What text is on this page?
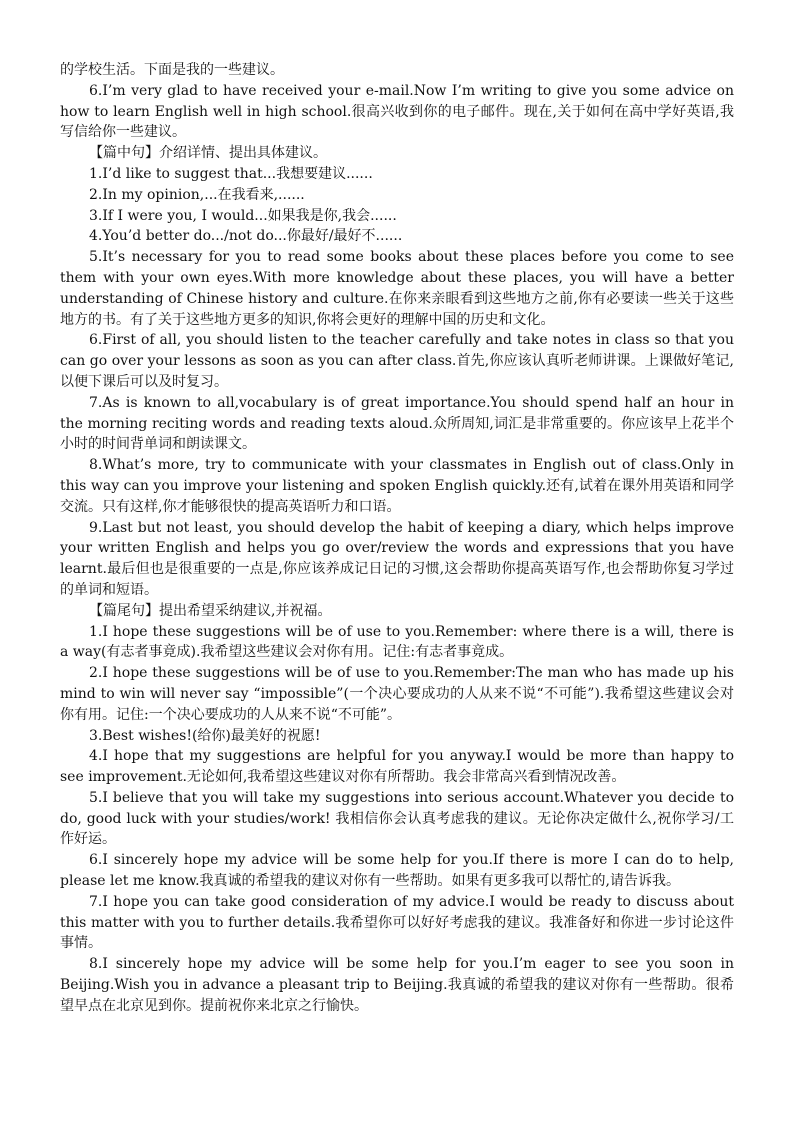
的学校生活。下面是我的一些建议。

6.I’m very glad to have received your e-mail.Now I’m writing to give you some advice on how to learn English well in high school.很高兴收到你的电子邮件。现在,关于如何在高中学好英语,我写信给你一些建议。

【篇中句】介绍详情、提出具体建议。

1.I’d like to suggest that...我想要建议......

2.In my opinion,...在我看来,......

3.If I were you, I would...如果我是你,我会......

4.You’d better do.../not do...你最好/最好不......

5.It’s necessary for you to read some books about these places before you come to see them with your own eyes.With more knowledge about these places, you will have a better understanding of Chinese history and culture.在你来亲眼看到这些地方之前,你有必要读一些关于这些地方的书。有了关于这些地方更多的知识,你将会更好的理解中国的历史和文化。

6.First of all, you should listen to the teacher carefully and take notes in class so that you can go over your lessons as soon as you can after class.首先,你应该认真听老师讲课。上课做好笔记,以便下课后可以及时复习。

7.As is known to all,vocabulary is of great importance.You should spend half an hour in the morning reciting words and reading texts aloud.众所周知,词汇是非常重要的。你应该早上花半个小时的时间背单词和朗读课文。

8.What’s more, try to communicate with your classmates in English out of class.Only in this way can you improve your listening and spoken English quickly.还有,试着在课外用英语和同学交流。只有这样,你才能够很快的提高英语听力和口语。

9.Last but not least, you should develop the habit of keeping a diary, which helps improve your written English and helps you go over/review the words and expressions that you have learnt.最后但也是很重要的一点是,你应该养成记日记的习惯,这会帮助你提高英语写作,也会帮助你复习学过的单词和短语。

【篇尾句】提出希望采纳建议,并祝福。

1.I hope these suggestions will be of use to you.Remember: where there is a will, there is a way(有志者事竟成).我希望这些建议会对你有用。记住:有志者事竟成。

2.I hope these suggestions will be of use to you.Remember:The man who has made up his mind to win will never say “impossible”(一个决心要成功的人从来不说“不可能”).我希望这些建议会对你有用。记住:一个决心要成功的人从来不说“不可能”。

3.Best wishes!(给你)最美好的祝愿!

4.I hope that my suggestions are helpful for you anyway.I would be more than happy to see improvement.无论如何,我希望这些建议对你有所帮助。我会非常高兴看到情况改善。

5.I believe that you will take my suggestions into serious account.Whatever you decide to do, good luck with your studies/work! 我相信你会认真考虑我的建议。无论你决定做什么,祝你学习/工作好运。

6.I sincerely hope my advice will be some help for you.If there is more I can do to help, please let me know.我真诚的希望我的建议对你有一些帮助。如果有更多我可以帮忙的,请告诉我。

7.I hope you can take good consideration of my advice.I would be ready to discuss about this matter with you to further details.我希望你可以好好考虑我的建议。我准备好和你进一步讨论这件事情。

8.I sincerely hope my advice will be some help for you.I’m eager to see you soon in Beijing.Wish you in advance a pleasant trip to Beijing.我真诚的希望我的建议对你有一些帮助。很希望早点在北京见到你。提前祝你来北京之行愉快。
